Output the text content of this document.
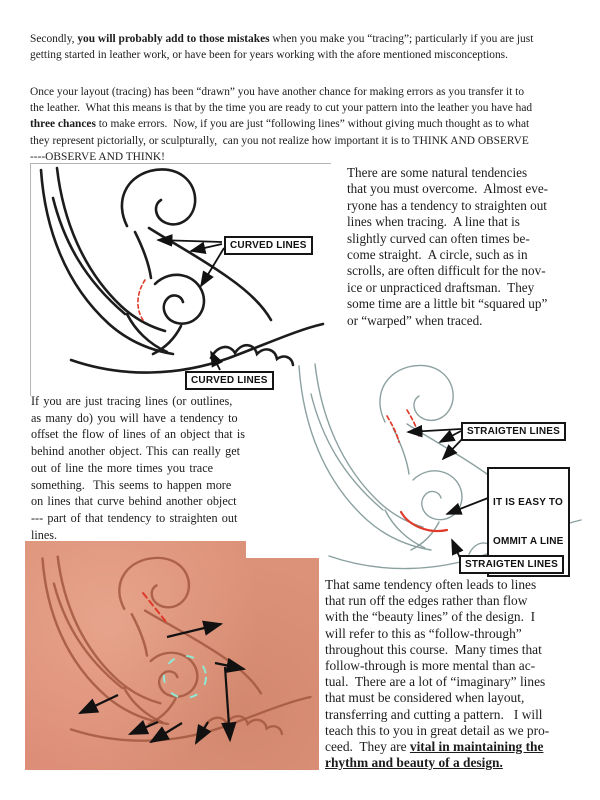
Secondly, you will probably add to those mistakes when you make you “tracing”; particularly if you are just
getting started in leather work, or have been for years working with the afore mentioned misconceptions.
Once your layout (tracing) has been “drawn” you have another chance for making errors as you transfer it to
the leather.  What this means is that by the time you are ready to cut your pattern into the leather you have had
three chances to make errors.  Now, if you are just “following lines” without giving much thought as to what
they represent pictorially, or sculpturally,  can you not realize how important it is to THINK AND OBSERVE
----OBSERVE AND THINK!
There are some natural tendencies
that you must overcome.  Almost eve-
ryone has a tendency to straighten out
lines when tracing.  A line that is
slightly curved can often times be-
come straight.  A circle, such as in
scrolls, are often difficult for the nov-
ice or unpracticed draftsman.  They
some time are a little bit “squared up”
or “warped” when traced.
If you are just tracing lines (or outlines,
as many do) you will have a tendency to
offset the flow of lines of an object that is
behind another object. This can really get
out of line the more times you trace
something.  This seems to happen more
on lines that curve behind another object
--- part of that tendency to straighten out
lines.
That same tendency often leads to lines
that run off the edges rather than flow
with the “beauty lines” of the design.  I
will refer to this as “follow-through”
throughout this course.  Many times that
follow-through is more mental than ac-
tual.  There are a lot of “imaginary” lines
that must be considered when layout,
transferring and cutting a pattern.   I will
teach this to you in great detail as we pro-
ceed.  They are vital in maintaining the
rhythm and beauty of a design.
CURVED LINES
CURVED LINES
STRAIGTEN LINES

IT IS EASY TO

OMMIT A LINE

STRAIGTEN LINES
